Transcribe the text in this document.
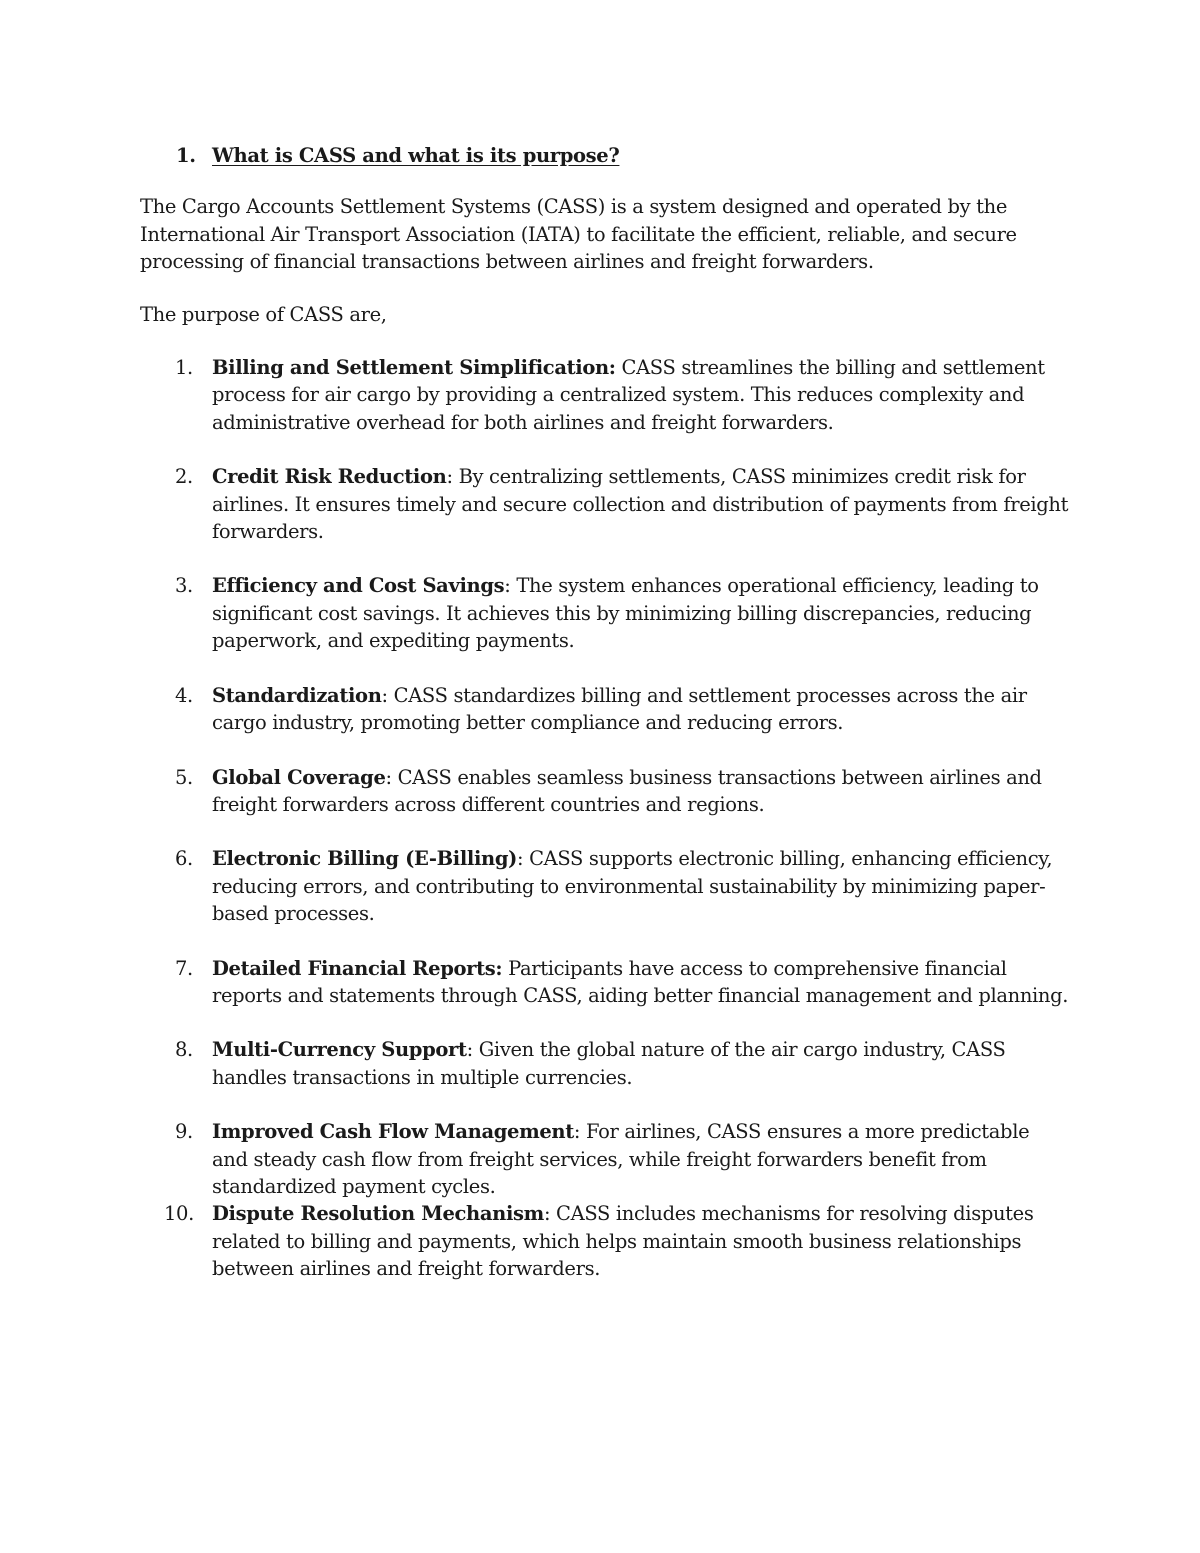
1. What is CASS and what is its purpose?

The Cargo Accounts Settlement Systems (CASS) is a system designed and operated by the International Air Transport Association (IATA) to facilitate the efficient, reliable, and secure processing of financial transactions between airlines and freight forwarders.

The purpose of CASS are,

1. Billing and Settlement Simplification: CASS streamlines the billing and settlement process for air cargo by providing a centralized system. This reduces complexity and administrative overhead for both airlines and freight forwarders.
2. Credit Risk Reduction: By centralizing settlements, CASS minimizes credit risk for airlines. It ensures timely and secure collection and distribution of payments from freight forwarders.
3. Efficiency and Cost Savings: The system enhances operational efficiency, leading to significant cost savings. It achieves this by minimizing billing discrepancies, reducing paperwork, and expediting payments.
4. Standardization: CASS standardizes billing and settlement processes across the air cargo industry, promoting better compliance and reducing errors.
5. Global Coverage: CASS enables seamless business transactions between airlines and freight forwarders across different countries and regions.
6. Electronic Billing (E-Billing): CASS supports electronic billing, enhancing efficiency, reducing errors, and contributing to environmental sustainability by minimizing paper-based processes.
7. Detailed Financial Reports: Participants have access to comprehensive financial reports and statements through CASS, aiding better financial management and planning.
8. Multi-Currency Support: Given the global nature of the air cargo industry, CASS handles transactions in multiple currencies.
9. Improved Cash Flow Management: For airlines, CASS ensures a more predictable and steady cash flow from freight services, while freight forwarders benefit from standardized payment cycles.
10. Dispute Resolution Mechanism: CASS includes mechanisms for resolving disputes related to billing and payments, which helps maintain smooth business relationships between airlines and freight forwarders.
